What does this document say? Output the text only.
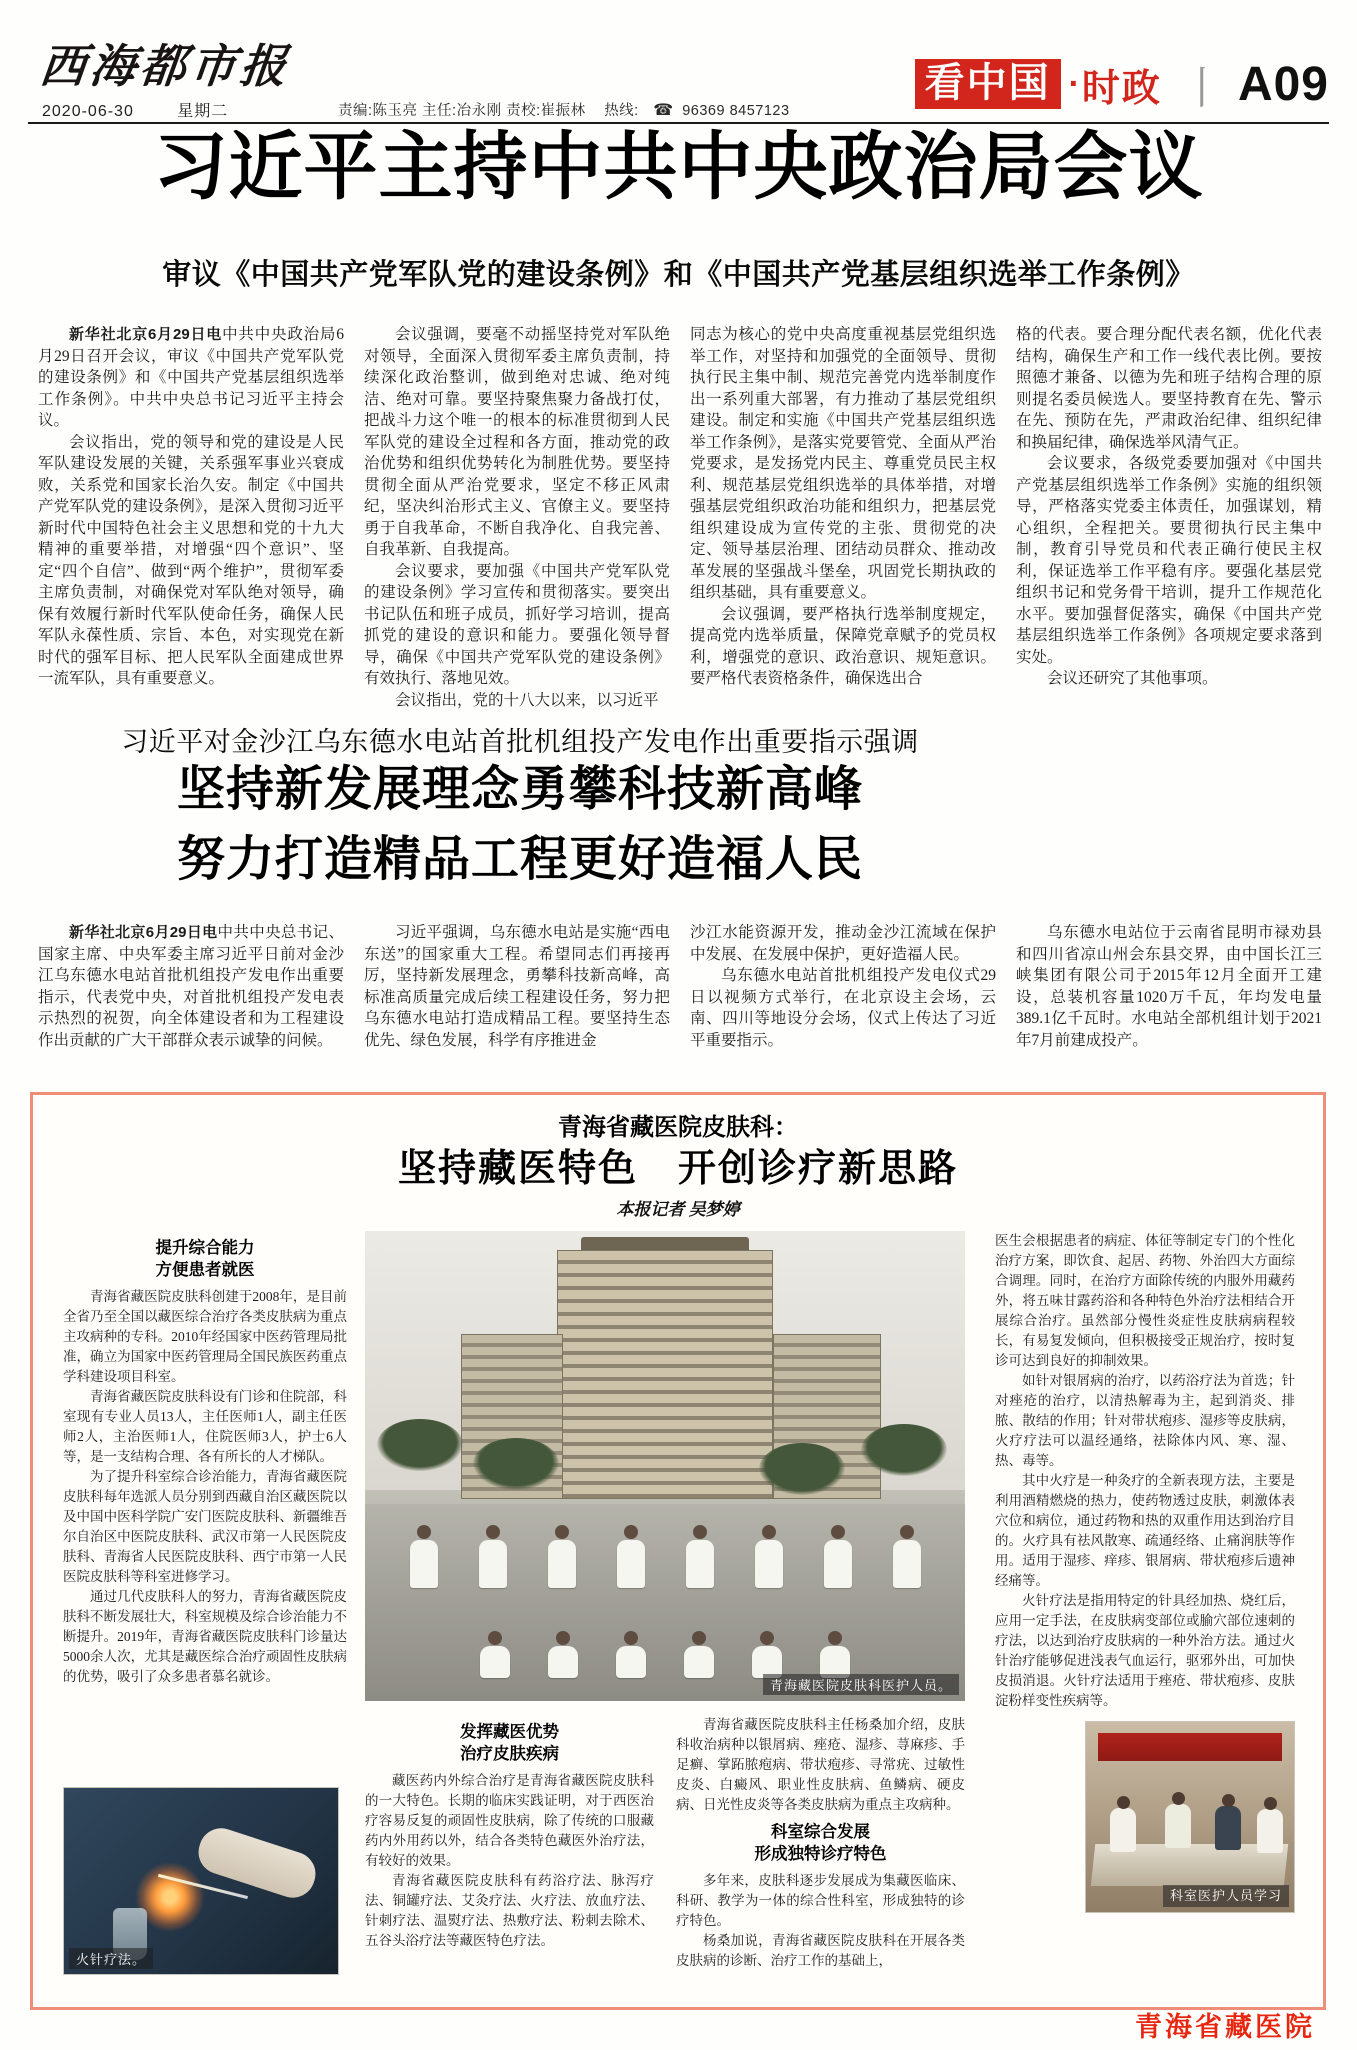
西海都市报
2020-06-30	星期二	责编:陈玉亮 主任:冶永刚 责校:崔振林 热线: ☎ 96369 8457123
看中国 · 时政 丨 A09
习近平主持中共中央政治局会议
审议《中国共产党军队党的建设条例》和《中国共产党基层组织选举工作条例》

新华社北京6月29日电中共中央政治局6月29日召开会议，审议《中国共产党军队党的建设条例》和《中国共产党基层组织选举工作条例》。中共中央总书记习近平主持会议。

会议指出，党的领导和党的建设是人民军队建设发展的关键，关系强军事业兴衰成败，关系党和国家长治久安。制定《中国共产党军队党的建设条例》，是深入贯彻习近平新时代中国特色社会主义思想和党的十九大精神的重要举措，对增强“四个意识”、坚定“四个自信”、做到“两个维护”，贯彻军委主席负责制，对确保党对军队绝对领导，确保有效履行新时代军队使命任务，确保人民军队永葆性质、宗旨、本色，对实现党在新时代的强军目标、把人民军队全面建成世界一流军队，具有重要意义。

会议强调，要毫不动摇坚持党对军队绝对领导，全面深入贯彻军委主席负责制，持续深化政治整训，做到绝对忠诚、绝对纯洁、绝对可靠。要坚持聚焦聚力备战打仗，把战斗力这个唯一的根本的标准贯彻到人民军队党的建设全过程和各方面，推动党的政治优势和组织优势转化为制胜优势。要坚持贯彻全面从严治党要求，坚定不移正风肃纪，坚决纠治形式主义、官僚主义。要坚持勇于自我革命，不断自我净化、自我完善、自我革新、自我提高。

会议要求，要加强《中国共产党军队党的建设条例》学习宣传和贯彻落实。要突出书记队伍和班子成员，抓好学习培训，提高抓党的建设的意识和能力。要强化领导督导，确保《中国共产党军队党的建设条例》有效执行、落地见效。

会议指出，党的十八大以来，以习近平

同志为核心的党中央高度重视基层党组织选举工作，对坚持和加强党的全面领导、贯彻执行民主集中制、规范完善党内选举制度作出一系列重大部署，有力推动了基层党组织建设。制定和实施《中国共产党基层组织选举工作条例》，是落实党要管党、全面从严治党要求，是发扬党内民主、尊重党员民主权利、规范基层党组织选举的具体举措，对增强基层党组织政治功能和组织力，把基层党组织建设成为宣传党的主张、贯彻党的决定、领导基层治理、团结动员群众、推动改革发展的坚强战斗堡垒，巩固党长期执政的组织基础，具有重要意义。

会议强调，要严格执行选举制度规定，提高党内选举质量，保障党章赋予的党员权利，增强党的意识、政治意识、规矩意识。要严格代表资格条件，确保选出合

格的代表。要合理分配代表名额，优化代表结构，确保生产和工作一线代表比例。要按照德才兼备、以德为先和班子结构合理的原则提名委员候选人。要坚持教育在先、警示在先、预防在先，严肃政治纪律、组织纪律和换届纪律，确保选举风清气正。

会议要求，各级党委要加强对《中国共产党基层组织选举工作条例》实施的组织领导，严格落实党委主体责任，加强谋划，精心组织，全程把关。要贯彻执行民主集中制，教育引导党员和代表正确行使民主权利，保证选举工作平稳有序。要强化基层党组织书记和党务骨干培训，提升工作规范化水平。要加强督促落实，确保《中国共产党基层组织选举工作条例》各项规定要求落到实处。

会议还研究了其他事项。

习近平对金沙江乌东德水电站首批机组投产发电作出重要指示强调
坚持新发展理念勇攀科技新高峰
努力打造精品工程更好造福人民

新华社北京6月29日电中共中央总书记、国家主席、中央军委主席习近平日前对金沙江乌东德水电站首批机组投产发电作出重要指示，代表党中央，对首批机组投产发电表示热烈的祝贺，向全体建设者和为工程建设作出贡献的广大干部群众表示诚挚的问候。

习近平强调，乌东德水电站是实施“西电东送”的国家重大工程。希望同志们再接再厉，坚持新发展理念，勇攀科技新高峰，高标准高质量完成后续工程建设任务，努力把乌东德水电站打造成精品工程。要坚持生态优先、绿色发展，科学有序推进金

沙江水能资源开发，推动金沙江流域在保护中发展、在发展中保护，更好造福人民。

乌东德水电站首批机组投产发电仪式29日以视频方式举行，在北京设主会场，云南、四川等地设分会场，仪式上传达了习近平重要指示。

乌东德水电站位于云南省昆明市禄劝县和四川省凉山州会东县交界，由中国长江三峡集团有限公司于2015年12月全面开工建设，总装机容量1020万千瓦，年均发电量389.1亿千瓦时。水电站全部机组计划于2021年7月前建成投产。

青海省藏医院皮肤科：
坚持藏医特色　开创诊疗新思路
本报记者 吴梦婷
提升综合能力
方便患者就医

青海省藏医院皮肤科创建于2008年，是目前全省乃至全国以藏医综合治疗各类皮肤病为重点主攻病种的专科。2010年经国家中医药管理局批准，确立为国家中医药管理局全国民族医药重点学科建设项目科室。

青海省藏医院皮肤科设有门诊和住院部，科室现有专业人员13人，主任医师1人，副主任医师2人，主治医师1人，住院医师3人，护士6人等，是一支结构合理、各有所长的人才梯队。

为了提升科室综合诊治能力，青海省藏医院皮肤科每年选派人员分别到西藏自治区藏医院以及中国中医科学院广安门医院皮肤科、新疆维吾尔自治区中医院皮肤科、武汉市第一人民医院皮肤科、青海省人民医院皮肤科、西宁市第一人民医院皮肤科等科室进修学习。

通过几代皮肤科人的努力，青海省藏医院皮肤科不断发展壮大，科室规模及综合诊治能力不断提升。2019年，青海省藏医院皮肤科门诊量达5000余人次，尤其是藏医综合治疗顽固性皮肤病的优势，吸引了众多患者慕名就诊。

火针疗法。
青海藏医院皮肤科医护人员。
发挥藏医优势
治疗皮肤疾病

藏医药内外综合治疗是青海省藏医院皮肤科的一大特色。长期的临床实践证明，对于西医治疗容易反复的顽固性皮肤病，除了传统的口服藏药内外用药以外，结合各类特色藏医外治疗法，有较好的效果。

青海省藏医院皮肤科有药浴疗法、脉泻疗法、铜罐疗法、艾灸疗法、火疗法、放血疗法、针刺疗法、温熨疗法、热敷疗法、粉刺去除术、五谷头浴疗法等藏医特色疗法。

青海省藏医院皮肤科主任杨桑加介绍，皮肤科收治病种以银屑病、痤疮、湿疹、荨麻疹、手足癣、掌跖脓疱病、带状疱疹、寻常疣、过敏性皮炎、白癜风、职业性皮肤病、鱼鳞病、硬皮病、日光性皮炎等各类皮肤病为重点主攻病种。

科室综合发展
形成独特诊疗特色

多年来，皮肤科逐步发展成为集藏医临床、科研、教学为一体的综合性科室，形成独特的诊疗特色。

杨桑加说，青海省藏医院皮肤科在开展各类皮肤病的诊断、治疗工作的基础上，

医生会根据患者的病症、体征等制定专门的个性化治疗方案，即饮食、起居、药物、外治四大方面综合调理。同时，在治疗方面除传统的内服外用藏药外，将五味甘露药浴和各种特色外治疗法相结合开展综合治疗。虽然部分慢性炎症性皮肤病病程较长，有易复发倾向，但积极接受正规治疗，按时复诊可达到良好的抑制效果。

如针对银屑病的治疗，以药浴疗法为首选；针对痤疮的治疗，以清热解毒为主，起到消炎、排脓、散结的作用；针对带状疱疹、湿疹等皮肤病，火疗疗法可以温经通络，祛除体内风、寒、湿、热、毒等。

其中火疗是一种灸疗的全新表现方法，主要是利用酒精燃烧的热力，使药物透过皮肤，刺激体表穴位和病位，通过药物和热的双重作用达到治疗目的。火疗具有祛风散寒、疏通经络、止痛润肤等作用。适用于湿疹、痒疹、银屑病、带状疱疹后遗神经痛等。

火针疗法是指用特定的针具经加热、烧红后，应用一定手法，在皮肤病变部位或腧穴部位速刺的疗法，以达到治疗皮肤病的一种外治方法。通过火针治疗能够促进浅表气血运行，驱邪外出，可加快皮损消退。火针疗法适用于痤疮、带状疱疹、皮肤淀粉样变性疾病等。

科室医护人员学习
青海省藏医院
